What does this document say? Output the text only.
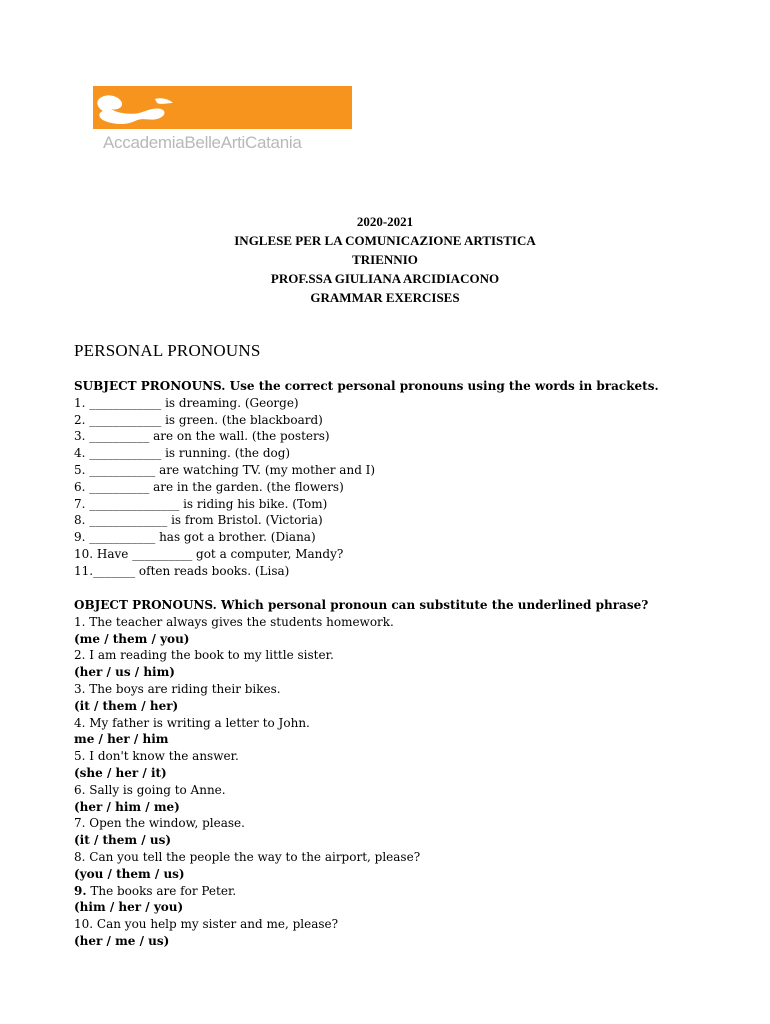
AccademiaBelleArtiCatania
2020-2021
INGLESE PER LA COMUNICAZIONE ARTISTICA
TRIENNIO
PROF.SSA GIULIANA ARCIDIACONO
GRAMMAR EXERCISES
PERSONAL PRONOUNS
SUBJECT PRONOUNS. Use the correct personal pronouns using the words in brackets.
1. ____________ is dreaming. (George)
2. ____________ is green. (the blackboard)
3. __________ are on the wall. (the posters)
4. ____________ is running. (the dog)
5. ___________ are watching TV. (my mother and I)
6. __________ are in the garden. (the flowers)
7. _______________ is riding his bike. (Tom)
8. _____________ is from Bristol. (Victoria)
9. ___________ has got a brother. (Diana)
10. Have __________ got a computer, Mandy?
11._______ often reads books. (Lisa)
OBJECT PRONOUNS. Which personal pronoun can substitute the underlined phrase?
1. The teacher always gives the students homework.
(me / them / you)
2. I am reading the book to my little sister.
(her / us / him)
3. The boys are riding their bikes.
(it / them / her)
4. My father is writing a letter to John.
me / her / him
5. I don't know the answer.
(she / her / it)
6. Sally is going to Anne.
(her / him / me)
7. Open the window, please.
(it / them / us)
8. Can you tell the people the way to the airport, please?
(you / them / us)
9. The books are for Peter.
(him / her / you)
10. Can you help my sister and me, please?
(her / me / us)
